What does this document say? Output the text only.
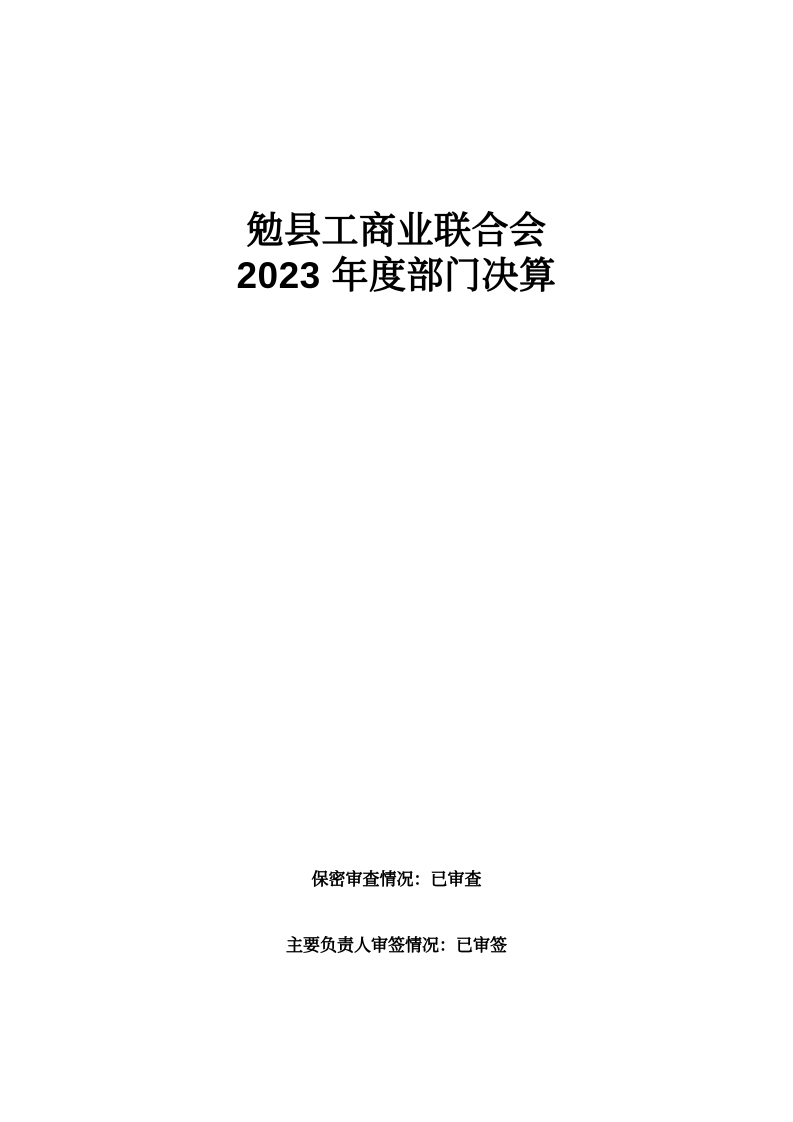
勉县工商业联合会
2023 年度部门决算
保密审查情况：已审查
主要负责人审签情况：已审签
